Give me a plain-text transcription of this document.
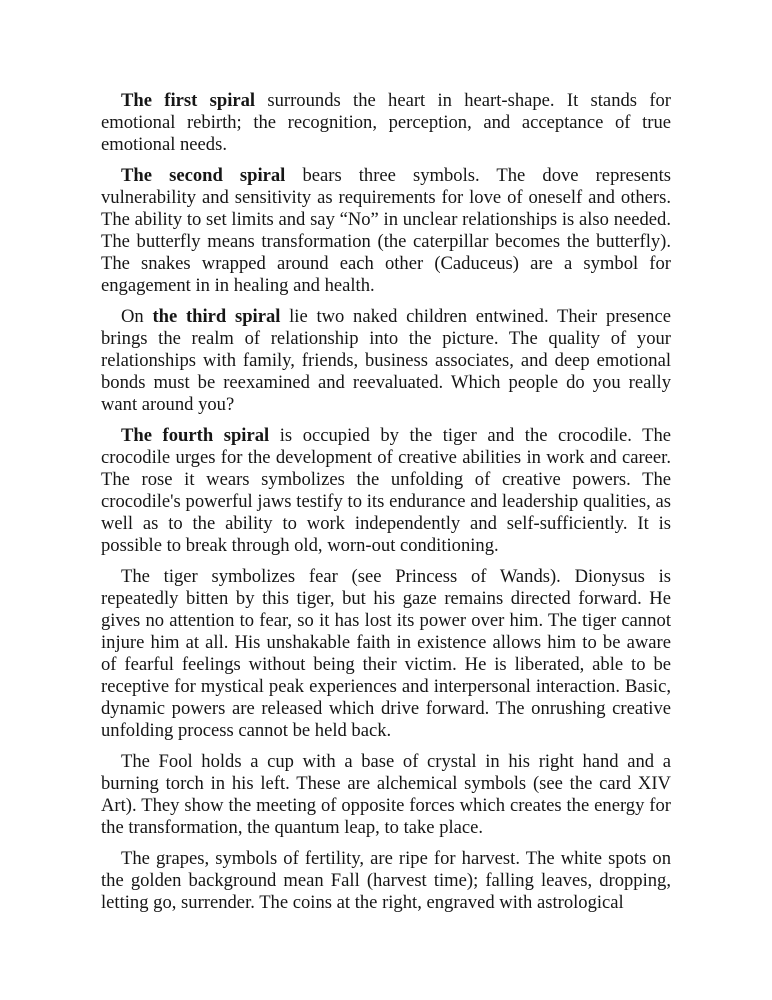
The first spiral surrounds the heart in heart-shape. It stands for emotional rebirth; the recognition, perception, and acceptance of true emotional needs.

The second spiral bears three symbols. The dove represents vulnerability and sensitivity as requirements for love of oneself and others. The ability to set limits and say “No” in unclear relationships is also needed. The butterfly means transformation (the caterpillar becomes the butterfly). The snakes wrapped around each other (Caduceus) are a symbol for engagement in in healing and health.

On the third spiral lie two naked children entwined. Their presence brings the realm of relationship into the picture. The quality of your relationships with family, friends, business associates, and deep emotional bonds must be reexamined and reevaluated. Which people do you really want around you?

The fourth spiral is occupied by the tiger and the crocodile. The crocodile urges for the development of creative abilities in work and career. The rose it wears symbolizes the unfolding of creative powers. The crocodile's powerful jaws testify to its endurance and leadership qualities, as well as to the ability to work independently and self-sufficiently. It is possible to break through old, worn-out conditioning.

The tiger symbolizes fear (see Princess of Wands). Dionysus is repeatedly bitten by this tiger, but his gaze remains directed forward. He gives no attention to fear, so it has lost its power over him. The tiger cannot injure him at all. His unshakable faith in existence allows him to be aware of fearful feelings without being their victim. He is liberated, able to be receptive for mystical peak experiences and interpersonal interaction. Basic, dynamic powers are released which drive forward. The onrushing creative unfolding process cannot be held back.

The Fool holds a cup with a base of crystal in his right hand and a burning torch in his left. These are alchemical symbols (see the card XIV Art). They show the meeting of opposite forces which creates the energy for the transformation, the quantum leap, to take place.

The grapes, symbols of fertility, are ripe for harvest. The white spots on the golden background mean Fall (harvest time); falling leaves, dropping, letting go, surrender. The coins at the right, engraved with astrological
